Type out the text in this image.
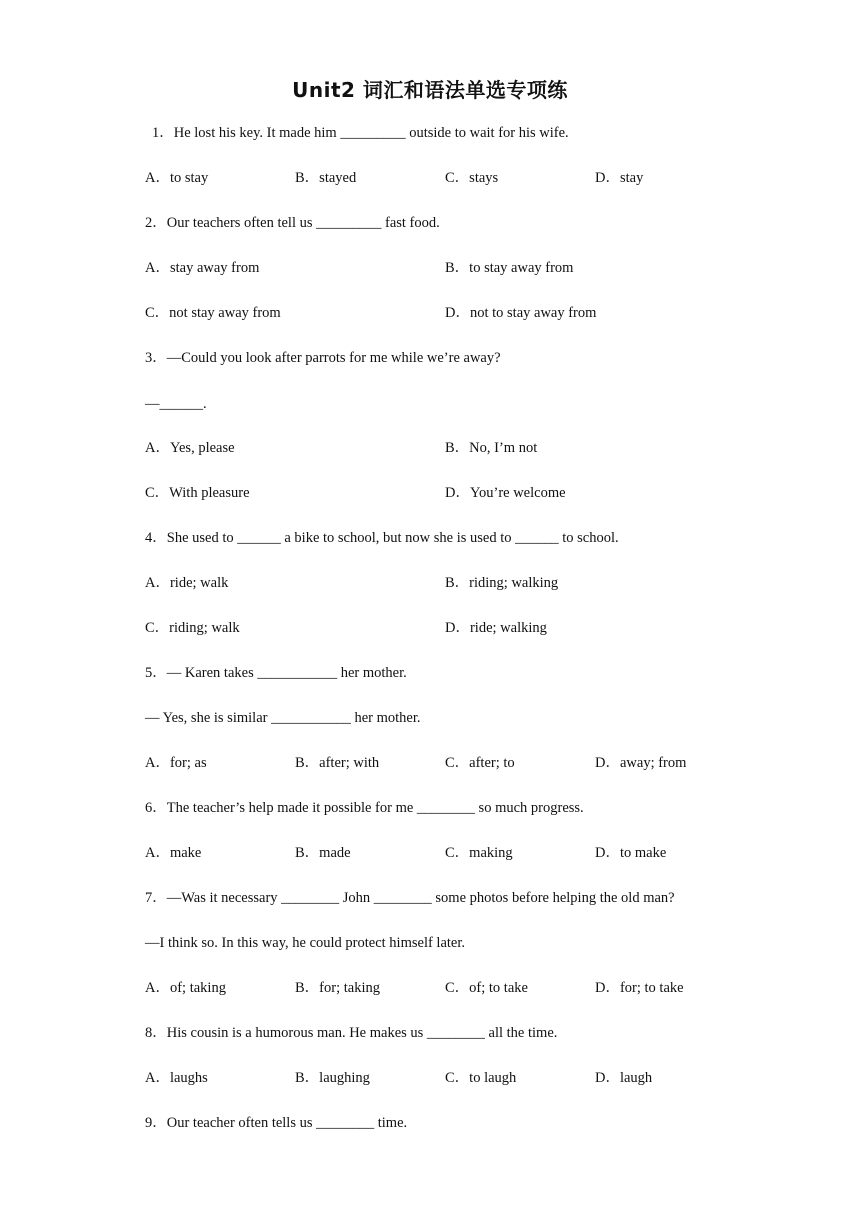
Unit2 词汇和语法单选专项练
1．He lost his key. It made him _________ outside to wait for his wife.
A．to stay	B．stayed	C．stays	D．stay
2．Our teachers often tell us _________ fast food.
A．stay away from	B．to stay away from
C．not stay away from	D．not to stay away from
3．—Could you look after parrots for me while we’re away?
—______.
A．Yes, please	B．No, I’m not
C．With pleasure	D．You’re welcome
4．She used to ______ a bike to school, but now she is used to ______ to school.
A．ride; walk	B．riding; walking
C．riding; walk	D．ride; walking
5．— Karen takes ___________ her mother.
— Yes, she is similar ___________ her mother.
A．for; as	B．after; with	C．after; to	D．away; from
6．The teacher’s help made it possible for me ________ so much progress.
A．make	B．made	C．making	D．to make
7．—Was it necessary ________ John ________ some photos before helping the old man?
—I think so. In this way, he could protect himself later.
A．of; taking	B．for; taking	C．of; to take	D．for; to take
8．His cousin is a humorous man. He makes us ________ all the time.
A．laughs	B．laughing	C．to laugh	D．laugh
9．Our teacher often tells us ________ time.
